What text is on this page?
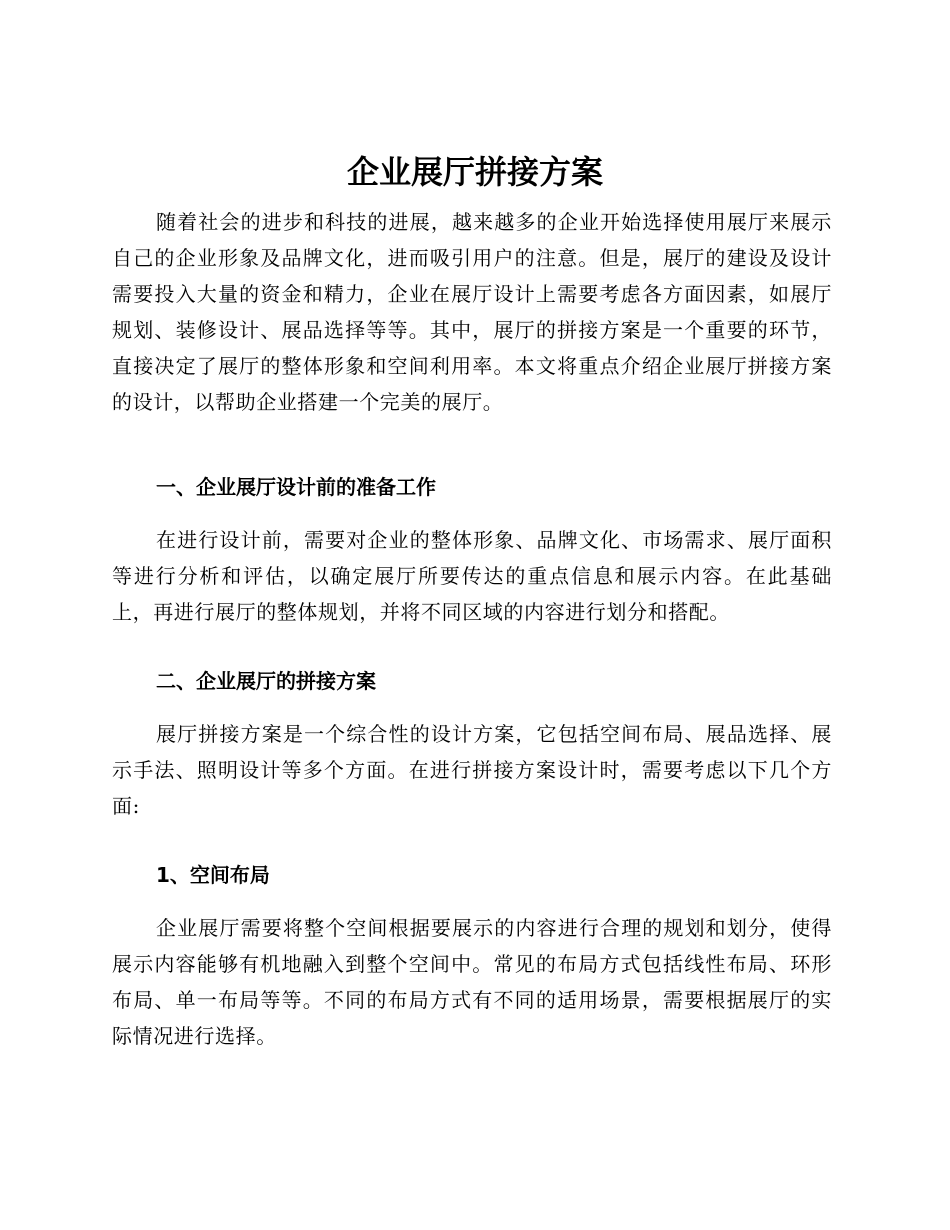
企业展厅拼接方案

随着社会的进步和科技的进展，越来越多的企业开始选择使用展厅来展示自己的企业形象及品牌文化，进而吸引用户的注意。但是，展厅的建设及设计需要投入大量的资金和精力，企业在展厅设计上需要考虑各方面因素，如展厅规划、装修设计、展品选择等等。其中，展厅的拼接方案是一个重要的环节，直接决定了展厅的整体形象和空间利用率。本文将重点介绍企业展厅拼接方案的设计，以帮助企业搭建一个完美的展厅。

一、企业展厅设计前的准备工作

在进行设计前，需要对企业的整体形象、品牌文化、市场需求、展厅面积等进行分析和评估，以确定展厅所要传达的重点信息和展示内容。在此基础上，再进行展厅的整体规划，并将不同区域的内容进行划分和搭配。

二、企业展厅的拼接方案

展厅拼接方案是一个综合性的设计方案，它包括空间布局、展品选择、展示手法、照明设计等多个方面。在进行拼接方案设计时，需要考虑以下几个方面:

1、空间布局

企业展厅需要将整个空间根据要展示的内容进行合理的规划和划分，使得展示内容能够有机地融入到整个空间中。常见的布局方式包括线性布局、环形布局、单一布局等等。不同的布局方式有不同的适用场景，需要根据展厅的实际情况进行选择。
